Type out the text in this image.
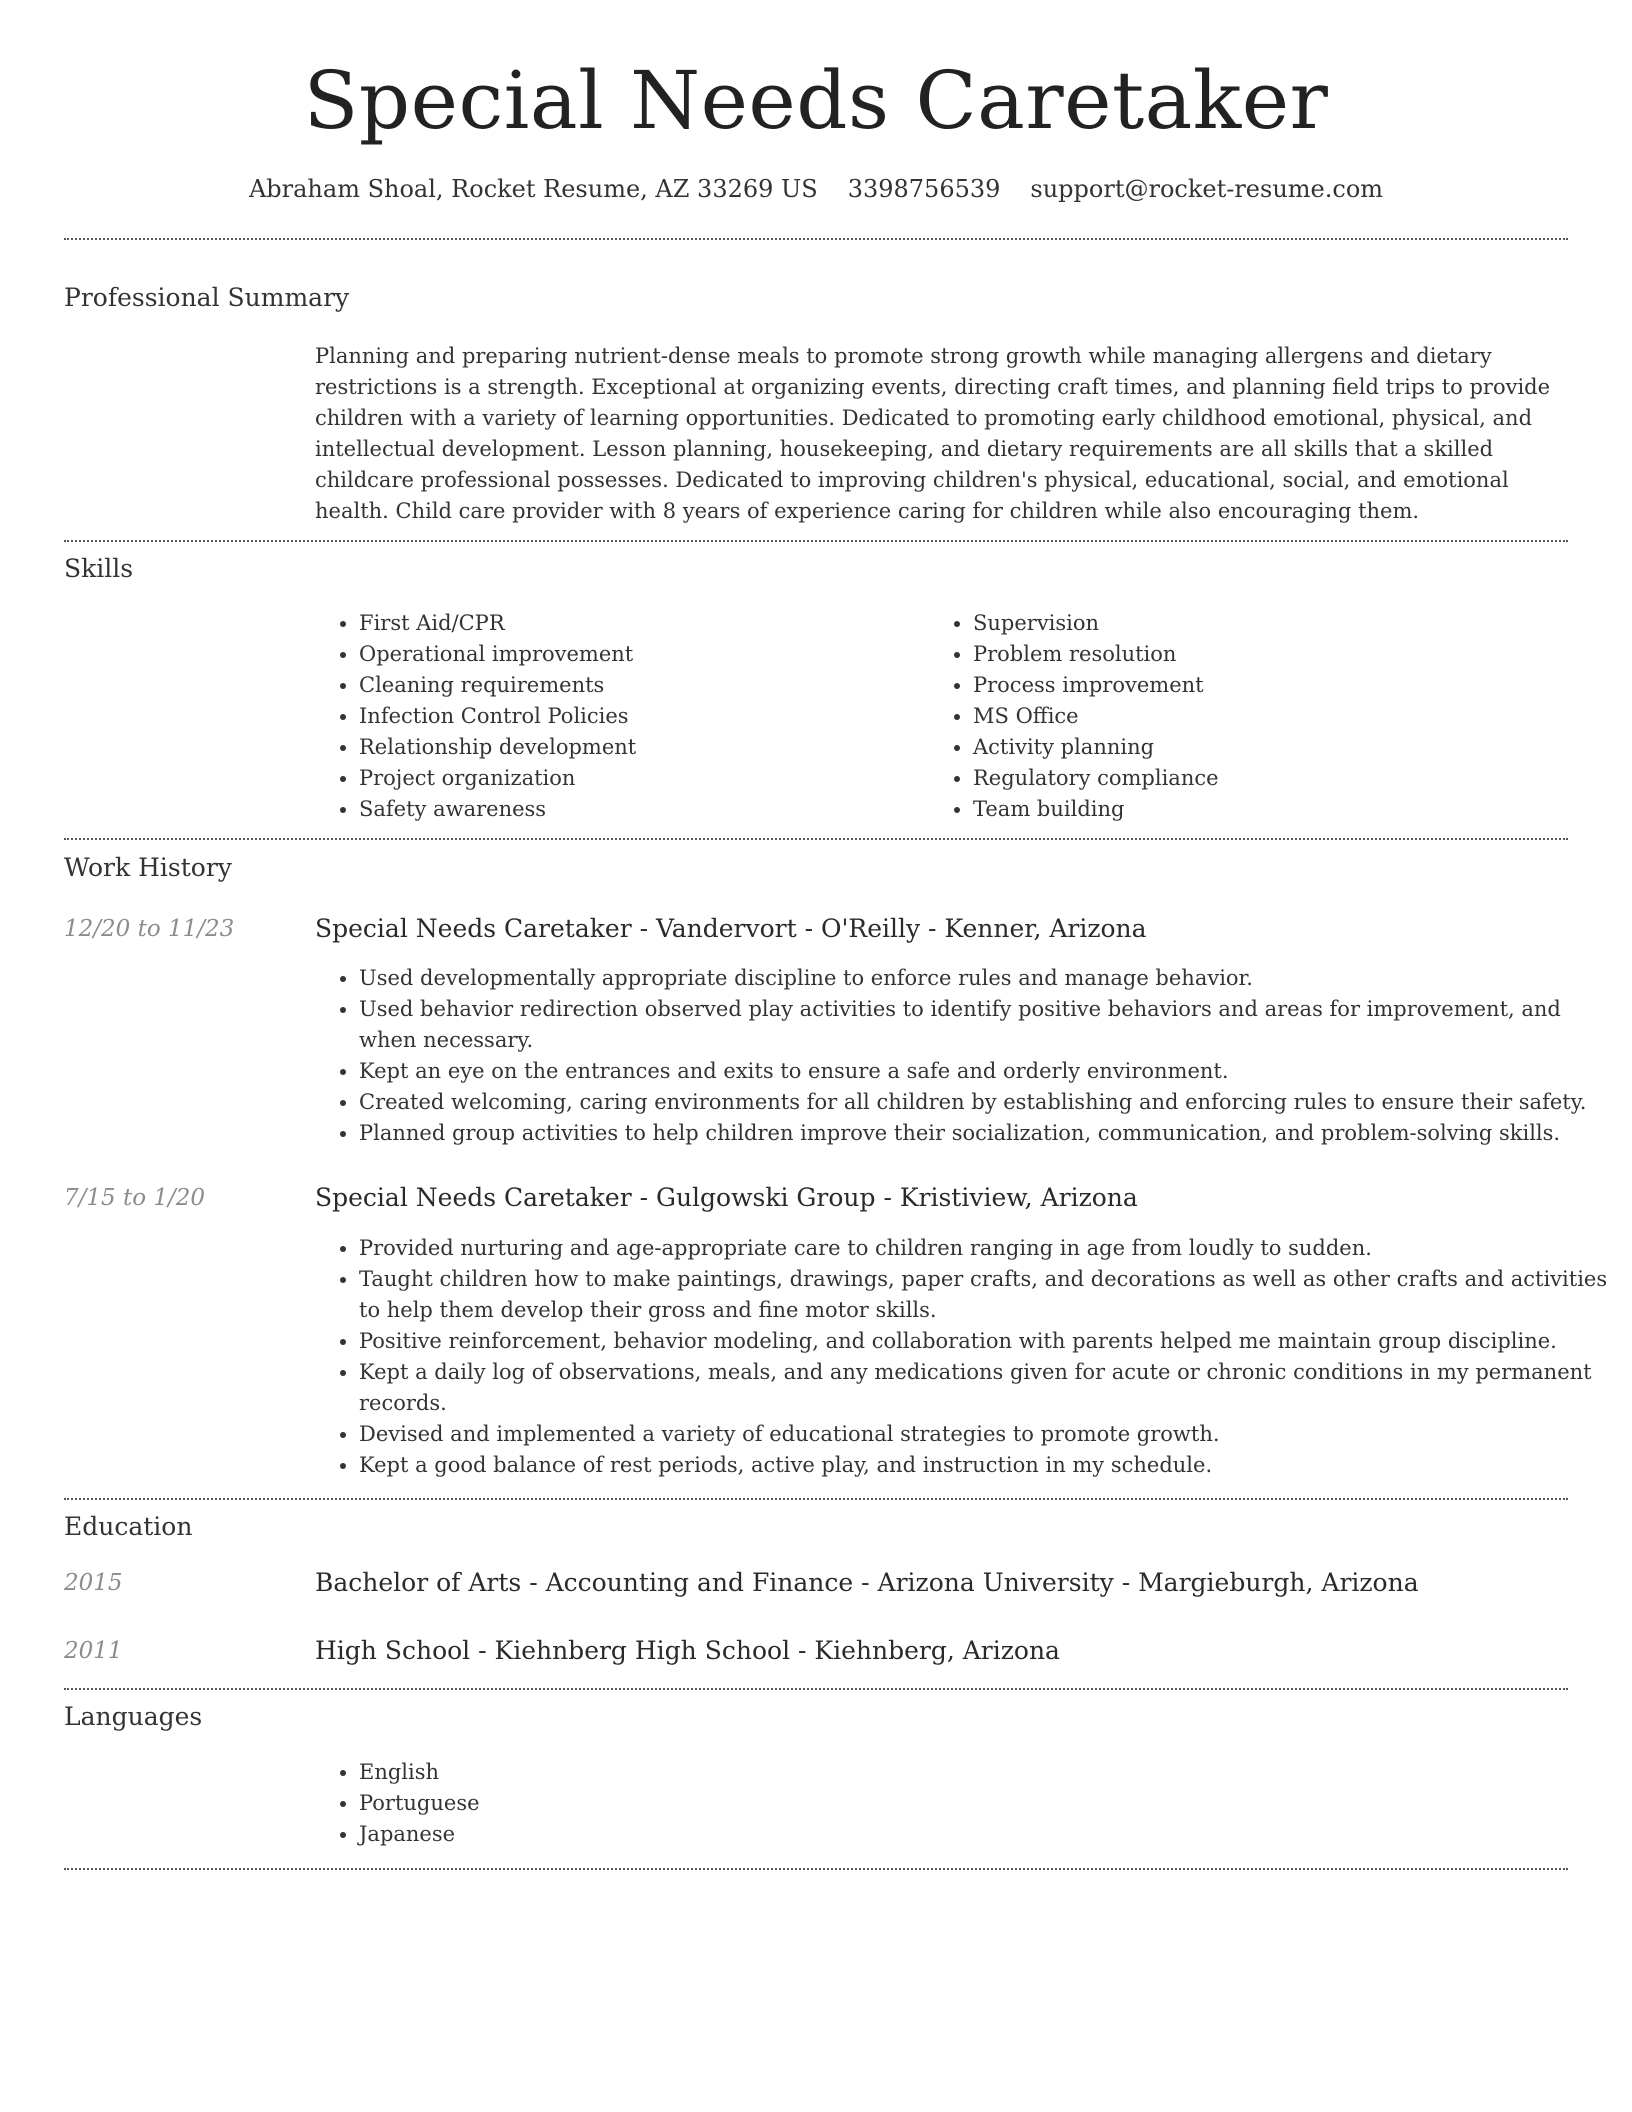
Special Needs Caretaker
Abraham Shoal, Rocket Resume, AZ 33269 US 3398756539 support@rocket-resume.com
Professional Summary

Planning and preparing nutrient-dense meals to promote strong growth while managing allergens and dietary restrictions is a strength. Exceptional at organizing events, directing craft times, and planning field trips to provide children with a variety of learning opportunities. Dedicated to promoting early childhood emotional, physical, and intellectual development. Lesson planning, housekeeping, and dietary requirements are all skills that a skilled childcare professional possesses. Dedicated to improving children's physical, educational, social, and emotional health. Child care provider with 8 years of experience caring for children while also encouraging them.

Skills
• First Aid/CPR
• Operational improvement
• Cleaning requirements
• Infection Control Policies
• Relationship development
• Project organization
• Safety awareness
• Supervision
• Problem resolution
• Process improvement
• MS Office
• Activity planning
• Regulatory compliance
• Team building
Work History
12/20 to 11/23	Special Needs Caretaker - Vandervort - O'Reilly - Kenner, Arizona
• Used developmentally appropriate discipline to enforce rules and manage behavior.
• Used behavior redirection observed play activities to identify positive behaviors and areas for improvement, and when necessary.
• Kept an eye on the entrances and exits to ensure a safe and orderly environment.
• Created welcoming, caring environments for all children by establishing and enforcing rules to ensure their safety.
• Planned group activities to help children improve their socialization, communication, and problem-solving skills.
7/15 to 1/20	Special Needs Caretaker - Gulgowski Group - Kristiview, Arizona
• Provided nurturing and age-appropriate care to children ranging in age from loudly to sudden.
• Taught children how to make paintings, drawings, paper crafts, and decorations as well as other crafts and activities to help them develop their gross and fine motor skills.
• Positive reinforcement, behavior modeling, and collaboration with parents helped me maintain group discipline.
• Kept a daily log of observations, meals, and any medications given for acute or chronic conditions in my permanent records.
• Devised and implemented a variety of educational strategies to promote growth.
• Kept a good balance of rest periods, active play, and instruction in my schedule.
Education
2015	Bachelor of Arts - Accounting and Finance - Arizona University - Margieburgh, Arizona
2011	High School - Kiehnberg High School - Kiehnberg, Arizona
Languages
• English
• Portuguese
• Japanese
